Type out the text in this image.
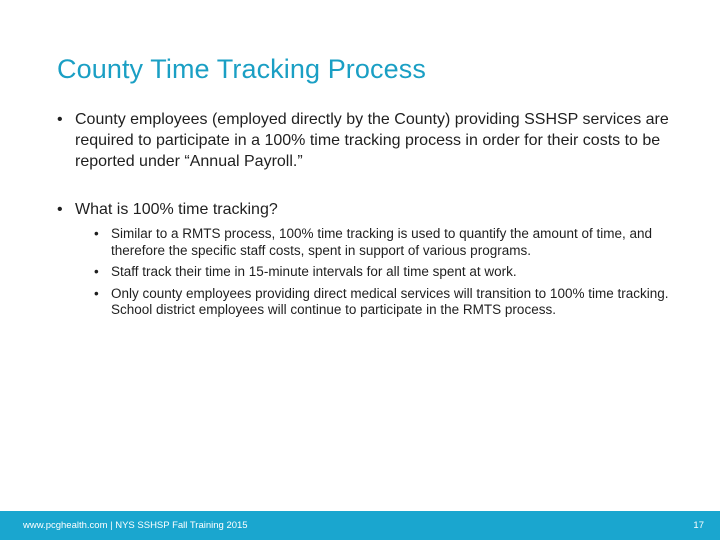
County Time Tracking Process
• County employees (employed directly by the County) providing SSHSP services are required to participate in a 100% time tracking process in order for their costs to be reported under “Annual Payroll.”
• What is 100% time tracking?
• Similar to a RMTS process, 100% time tracking is used to quantify the amount of time, and therefore the specific staff costs, spent in support of various programs.
• Staff track their time in 15-minute intervals for all time spent at work.
• Only county employees providing direct medical services will transition to 100% time tracking. School district employees will continue to participate in the RMTS process.
www.pcghealth.com | NYS SSHSP Fall Training 2015	17
